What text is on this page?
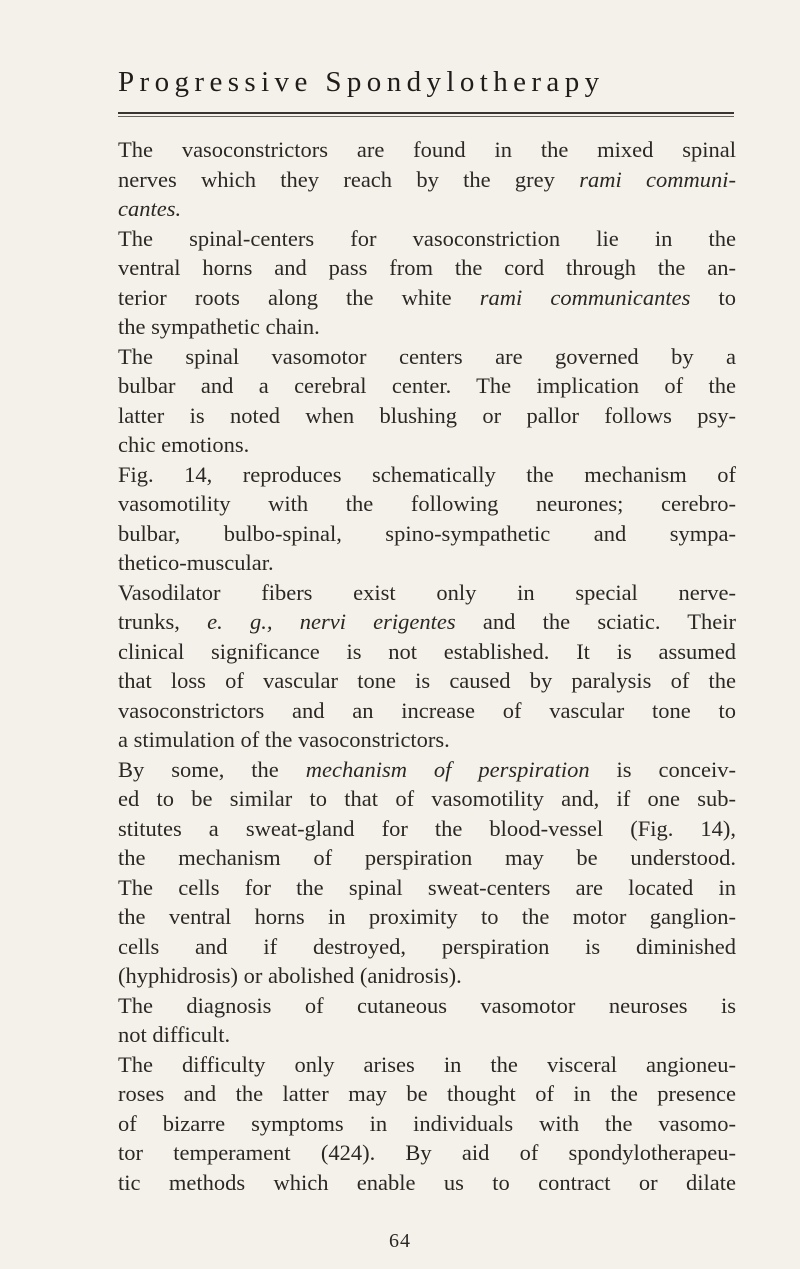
Progressive Spondylotherapy
The vasoconstrictors are found in the mixed spinal
nerves which they reach by the grey rami communi-
cantes.
The spinal-centers for vasoconstriction lie in the
ventral horns and pass from the cord through the an-
terior roots along the white rami communicantes to
the sympathetic chain.
The spinal vasomotor centers are governed by a
bulbar and a cerebral center. The implication of the
latter is noted when blushing or pallor follows psy-
chic emotions.
Fig. 14, reproduces schematically the mechanism of
vasomotility with the following neurones; cerebro-
bulbar, bulbo-spinal, spino-sympathetic and sympa-
thetico-muscular.
Vasodilator fibers exist only in special nerve-
trunks, e. g., nervi erigentes and the sciatic. Their
clinical significance is not established. It is assumed
that loss of vascular tone is caused by paralysis of the
vasoconstrictors and an increase of vascular tone to
a stimulation of the vasoconstrictors.
By some, the mechanism of perspiration is conceiv-
ed to be similar to that of vasomotility and, if one sub-
stitutes a sweat-gland for the blood-vessel (Fig. 14),
the mechanism of perspiration may be understood.
The cells for the spinal sweat-centers are located in
the ventral horns in proximity to the motor ganglion-
cells and if destroyed, perspiration is diminished
(hyphidrosis) or abolished (anidrosis).
The diagnosis of cutaneous vasomotor neuroses is
not difficult.
The difficulty only arises in the visceral angioneu-
roses and the latter may be thought of in the presence
of bizarre symptoms in individuals with the vasomo-
tor temperament (424). By aid of spondylotherapeu-
tic methods which enable us to contract or dilate
64
